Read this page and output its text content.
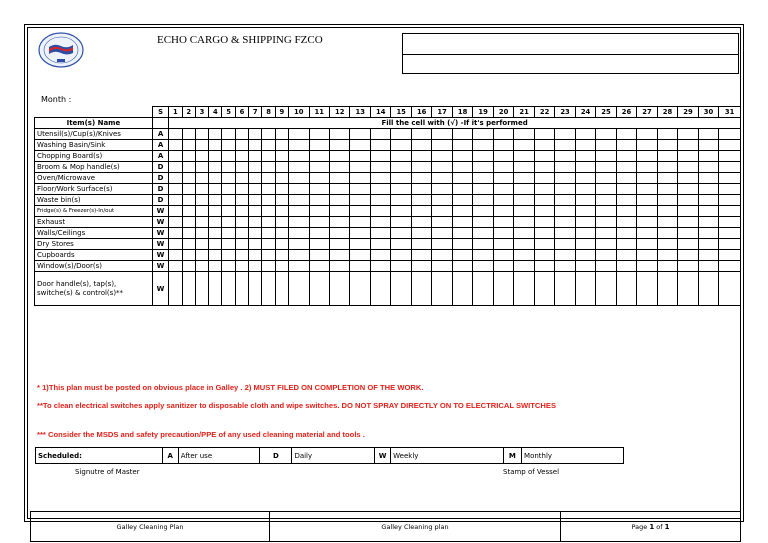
ECHO CARGO & SHIPPING FZCO
Month :
	S	1	2	3	4	5	6	7	8	9	10	11	12	13	14	15	16	17	18	19	20	21	22	23	24	25	26	27	28	29	30	31
Item(s) Name		Fill the cell with (√) -If it's performed																														
Utensil(s)/Cup(s)/Knives	A																															
Washing Basin/Sink	A																															
Chopping Board(s)	A																															
Broom & Mop handle(s)	D																															
Oven/Microwave	D																															
Floor/Work Surface(s)	D																															
Waste bin(s)	D																															
Fridge(s) & Freezer(s)-In/out	W																															
Exhaust	W																															
Walls/Ceilings	W																															
Dry Stores	W																															
Cupboards	W																															
Window(s)/Door(s)	W																															
Door handle(s), tap(s), switche(s) & control(s)**	W																															
* 1)This plan must be posted on obvious place in Galley . 2) MUST FILED ON COMPLETION OF THE WORK.
**To clean electrical switches apply sanitizer to disposable cloth and wipe switches. DO NOT SPRAY DIRECTLY ON TO ELECTRICAL SWITCHES
*** Consider the MSDS and safety precaution/PPE of any used cleaning material and tools .
Scheduled:	A	After use	D	Daily	W	Weekly	M	Monthly
Signutre of Master	Stamp of Vessel
Galley Cleaning Plan	Galley Cleaning plan	Page 1 of 1
